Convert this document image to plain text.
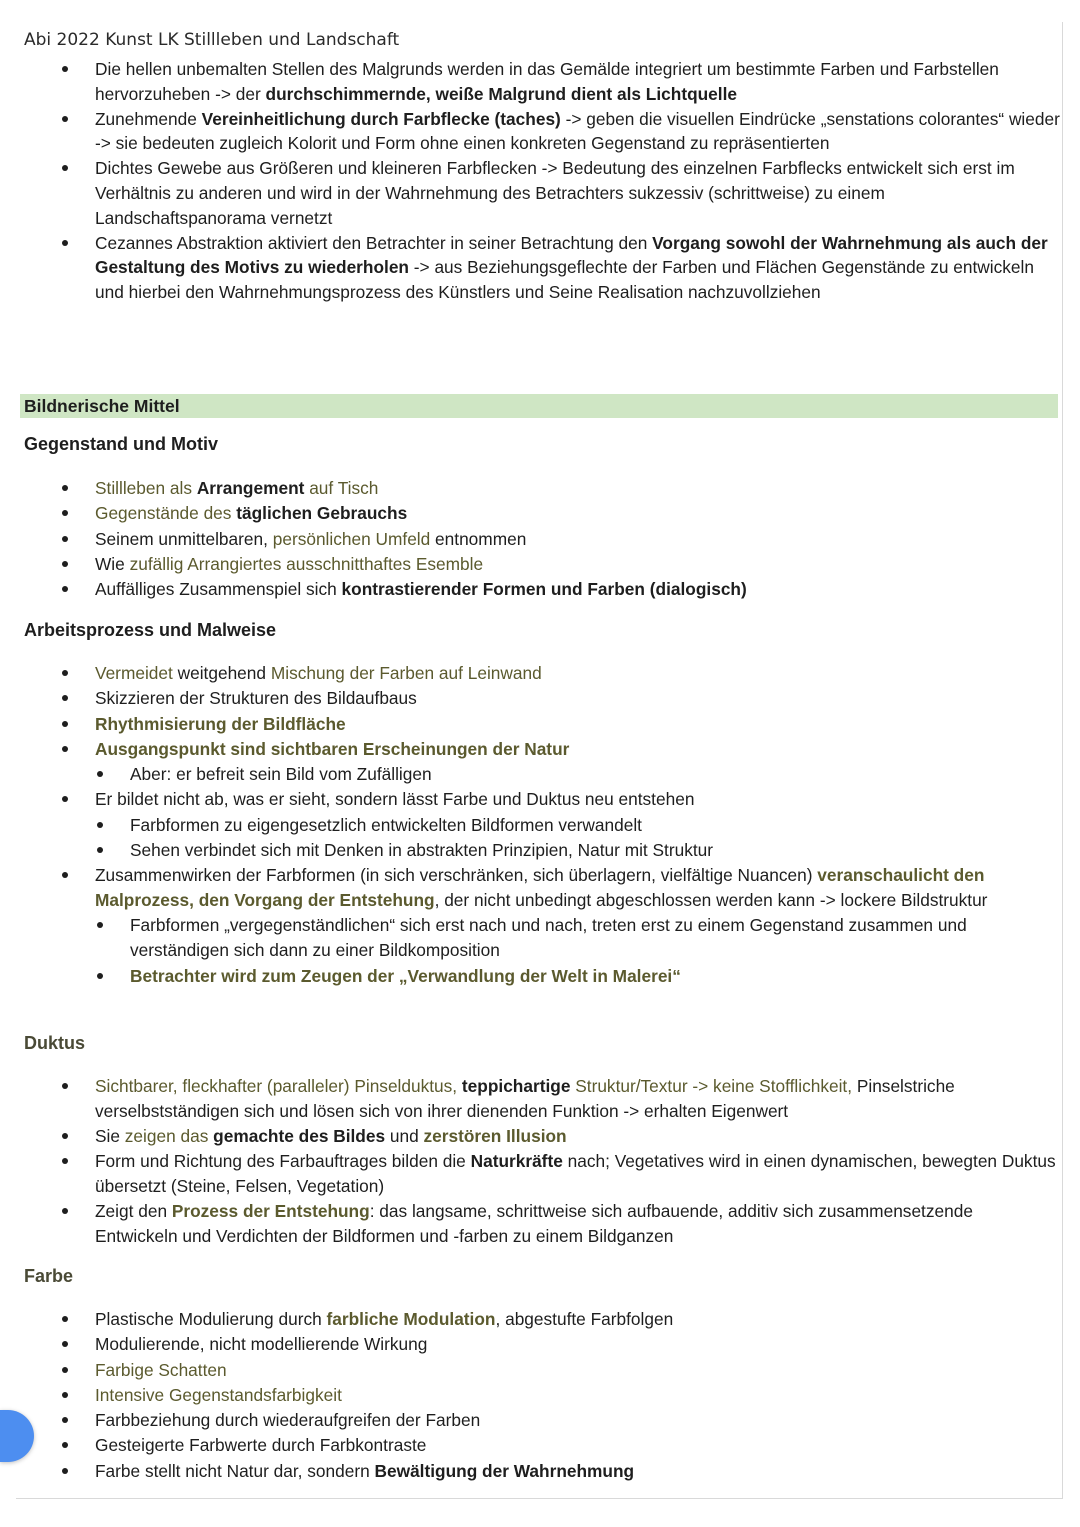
Abi 2022 Kunst LK Stillleben und Landschaft
Die hellen unbemalten Stellen des Malgrunds werden in das Gemälde integriert um bestimmte Farben und Farbstellen hervorzuheben -> der durchschimmernde, weiße Malgrund dient als Lichtquelle
Zunehmende Vereinheitlichung durch Farbflecke (taches) -> geben die visuellen Eindrücke „senstations colorantes“ wieder -> sie bedeuten zugleich Kolorit und Form ohne einen konkreten Gegenstand zu repräsentierten
Dichtes Gewebe aus Größeren und kleineren Farbflecken -> Bedeutung des einzelnen Farbflecks entwickelt sich erst im Verhältnis zu anderen und wird in der Wahrnehmung des Betrachters sukzessiv (schrittweise) zu einem Landschaftspanorama vernetzt
Cezannes Abstraktion aktiviert den Betrachter in seiner Betrachtung den Vorgang sowohl der Wahrnehmung als auch der Gestaltung des Motivs zu wiederholen -> aus Beziehungsgeflechte der Farben und Flächen Gegenstände zu entwickeln und hierbei den Wahrnehmungsprozess des Künstlers und Seine Realisation nachzuvollziehen
Bildnerische Mittel
Gegenstand und Motiv
Stillleben als Arrangement auf Tisch
Gegenstände des täglichen Gebrauchs
Seinem unmittelbaren, persönlichen Umfeld entnommen
Wie zufällig Arrangiertes ausschnitthaftes Esemble
Auffälliges Zusammenspiel sich kontrastierender Formen und Farben (dialogisch)
Arbeitsprozess und Malweise
Vermeidet weitgehend Mischung der Farben auf Leinwand
Skizzieren der Strukturen des Bildaufbaus
Rhythmisierung der Bildfläche
Ausgangspunkt sind sichtbaren Erscheinungen der Natur
Aber: er befreit sein Bild vom Zufälligen
Er bildet nicht ab, was er sieht, sondern lässt Farbe und Duktus neu entstehen
Farbformen zu eigengesetzlich entwickelten Bildformen verwandelt
Sehen verbindet sich mit Denken in abstrakten Prinzipien, Natur mit Struktur
Zusammenwirken der Farbformen (in sich verschränken, sich überlagern, vielfältige Nuancen) veranschaulicht den Malprozess, den Vorgang der Entstehung, der nicht unbedingt abgeschlossen werden kann -> lockere Bildstruktur
Farbformen „vergegenständlichen“ sich erst nach und nach, treten erst zu einem Gegenstand zusammen und verständigen sich dann zu einer Bildkomposition
Betrachter wird zum Zeugen der „Verwandlung der Welt in Malerei“
Duktus
Sichtbarer, fleckhafter (paralleler) Pinselduktus, teppichartige Struktur/Textur -> keine Stofflichkeit, Pinselstriche verselbstständigen sich und lösen sich von ihrer dienenden Funktion -> erhalten Eigenwert
Sie zeigen das gemachte des Bildes und zerstören Illusion
Form und Richtung des Farbauftrages bilden die Naturkräfte nach; Vegetatives wird in einen dynamischen, bewegten Duktus übersetzt (Steine, Felsen, Vegetation)
Zeigt den Prozess der Entstehung: das langsame, schrittweise sich aufbauende, additiv sich zusammensetzende Entwickeln und Verdichten der Bildformen und -farben zu einem Bildganzen
Farbe
Plastische Modulierung durch farbliche Modulation, abgestufte Farbfolgen
Modulierende, nicht modellierende Wirkung
Farbige Schatten
Intensive Gegenstandsfarbigkeit
Farbbeziehung durch wiederaufgreifen der Farben
Gesteigerte Farbwerte durch Farbkontraste
Farbe stellt nicht Natur dar, sondern Bewältigung der Wahrnehmung
